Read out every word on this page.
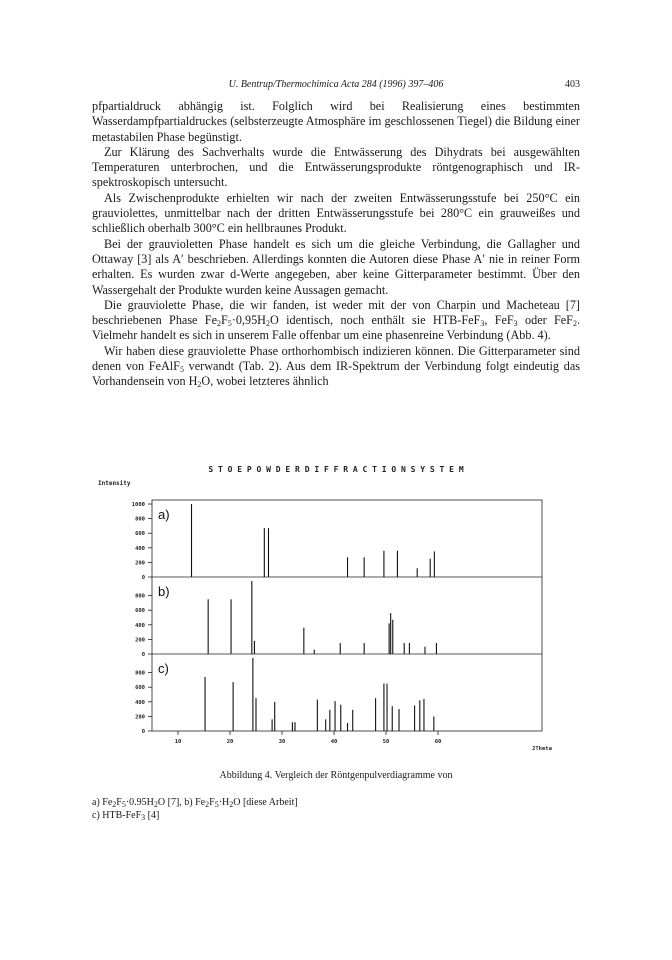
U. Bentrup/Thermochimica Acta 284 (1996) 397–406	403

pfpartialdruck abhängig ist. Folglich wird bei Realisierung eines bestimmten Wasserdampfpartialdruckes (selbsterzeugte Atmosphäre im geschlossenen Tiegel) die Bildung einer metastabilen Phase begünstigt.

Zur Klärung des Sachverhalts wurde die Entwässerung des Dihydrats bei ausgewählten Temperaturen unterbrochen, und die Entwässerungsprodukte röntgenographisch und IR-spektroskopisch untersucht.

Als Zwischenprodukte erhielten wir nach der zweiten Entwässerungsstufe bei 250°C ein grauviolettes, unmittelbar nach der dritten Entwässerungsstufe bei 280°C ein grauweißes und schließlich oberhalb 300°C ein hellbraunes Produkt.

Bei der grauvioletten Phase handelt es sich um die gleiche Verbindung, die Gallagher und Ottaway [3] als A′ beschrieben. Allerdings konnten die Autoren diese Phase A′ nie in reiner Form erhalten. Es wurden zwar d-Werte angegeben, aber keine Gitterparameter bestimmt. Über den Wassergehalt der Produkte wurden keine Aussagen gemacht.

Die grauviolette Phase, die wir fanden, ist weder mit der von Charpin und Macheteau [7] beschriebenen Phase $Fe_2F_5\cdot 0,95H_2O$ identisch, noch enthält sie HTB-FeF$_3$, FeF$_3$ oder FeF$_2$. Vielmehr handelt es sich in unserem Falle offenbar um eine phasenreine Verbindung (Abb. 4).

Wir haben diese grauviolette Phase orthorhombisch indizieren können. Die Gitterparameter sind denen von FeAlF$_5$ verwandt (Tab. 2). Aus dem IR-Spektrum der Verbindung folgt eindeutig das Vorhandensein von $H_2O$, wobei letzteres ähnlich

S T O E P O W D E R D I F F R A C T I O N S Y S T E M
Intensity
0
200
400
600
800
1000
a)
0
200
400
600
800 b)
0
200
400
600
800 c)
10	20	30	40	50	60
2Theta
Abbildung 4. Vergleich der Röntgenpulverdiagramme von
a) $Fe_2F_5\cdot 0.95H_2O$ [7], b) $Fe_2F_5\cdot H_2O$ [diese Arbeit]
c) HTB-FeF$_3$ [4]
